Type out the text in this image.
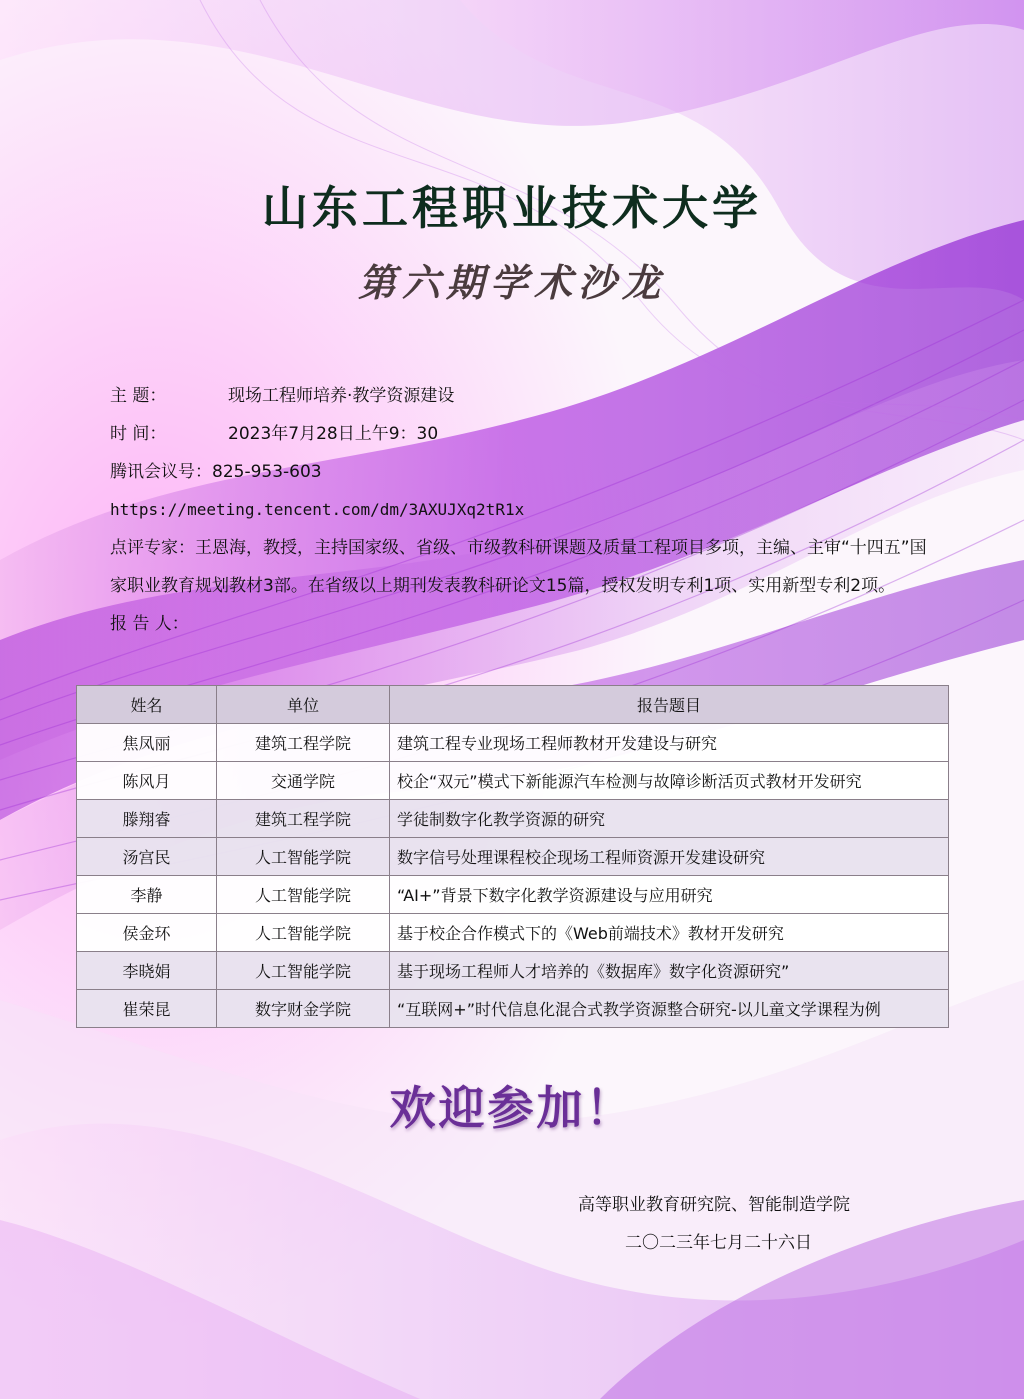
山东工程职业技术大学
第六期学术沙龙
主 题：	现场工程师培养·教学资源建设
时 间：	2023年7月28日上午9：30
腾讯会议号：825-953-603
https://meeting.tencent.com/dm/3AXUJXq2tR1x
点评专家：王恩海，教授，主持国家级、省级、市级教科研课题及质量工程项目多项，主编、主审“十四五”国家职业教育规划教材3部。在省级以上期刊发表教科研论文15篇，授权发明专利1项、实用新型专利2项。
报 告 人：
姓名	单位	报告题目
焦凤丽	建筑工程学院	建筑工程专业现场工程师教材开发建设与研究
陈风月	交通学院	校企“双元”模式下新能源汽车检测与故障诊断活页式教材开发研究
滕翔睿	建筑工程学院	学徒制数字化教学资源的研究
汤宫民	人工智能学院	数字信号处理课程校企现场工程师资源开发建设研究
李静	人工智能学院	“AI+”背景下数字化教学资源建设与应用研究
侯金环	人工智能学院	基于校企合作模式下的《Web前端技术》教材开发研究
李晓娟	人工智能学院	基于现场工程师人才培养的《数据库》数字化资源研究”
崔荣昆	数字财金学院	“互联网+”时代信息化混合式教学资源整合研究-以儿童文学课程为例
欢迎参加！
高等职业教育研究院、智能制造学院
二〇二三年七月二十六日
